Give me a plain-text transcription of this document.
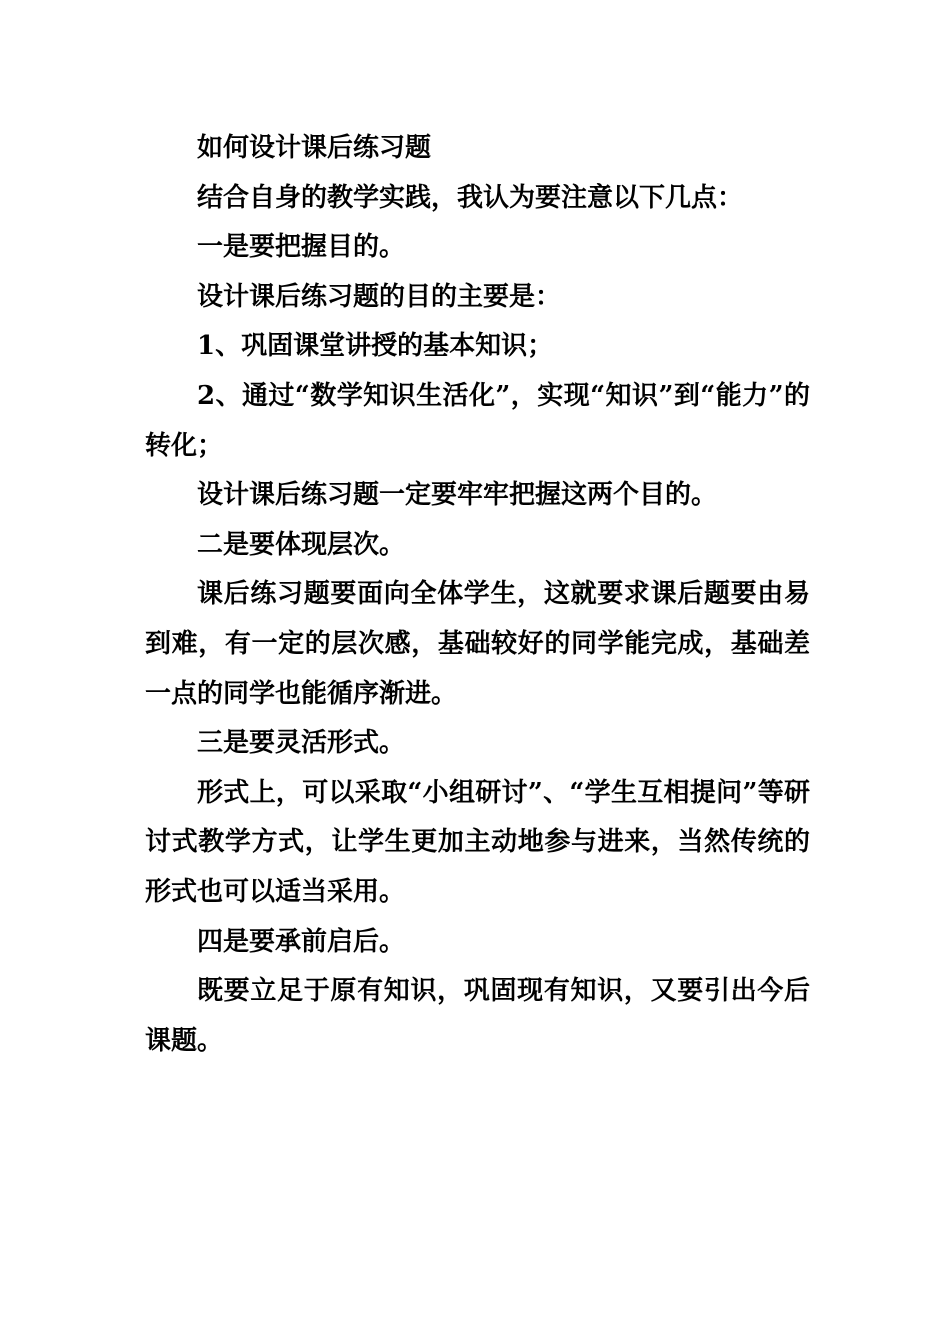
如何设计课后练习题

结合自身的教学实践，我认为要注意以下几点：

一是要把握目的。

设计课后练习题的目的主要是：

1、巩固课堂讲授的基本知识；

2、通过“数学知识生活化”，实现“知识”到“能力”的转化；

设计课后练习题一定要牢牢把握这两个目的。

二是要体现层次。

课后练习题要面向全体学生，这就要求课后题要由易到难，有一定的层次感，基础较好的同学能完成，基础差一点的同学也能循序渐进。

三是要灵活形式。

形式上，可以采取“小组研讨”、“学生互相提问”等研讨式教学方式，让学生更加主动地参与进来，当然传统的形式也可以适当采用。

四是要承前启后。

既要立足于原有知识，巩固现有知识，又要引出今后课题。
